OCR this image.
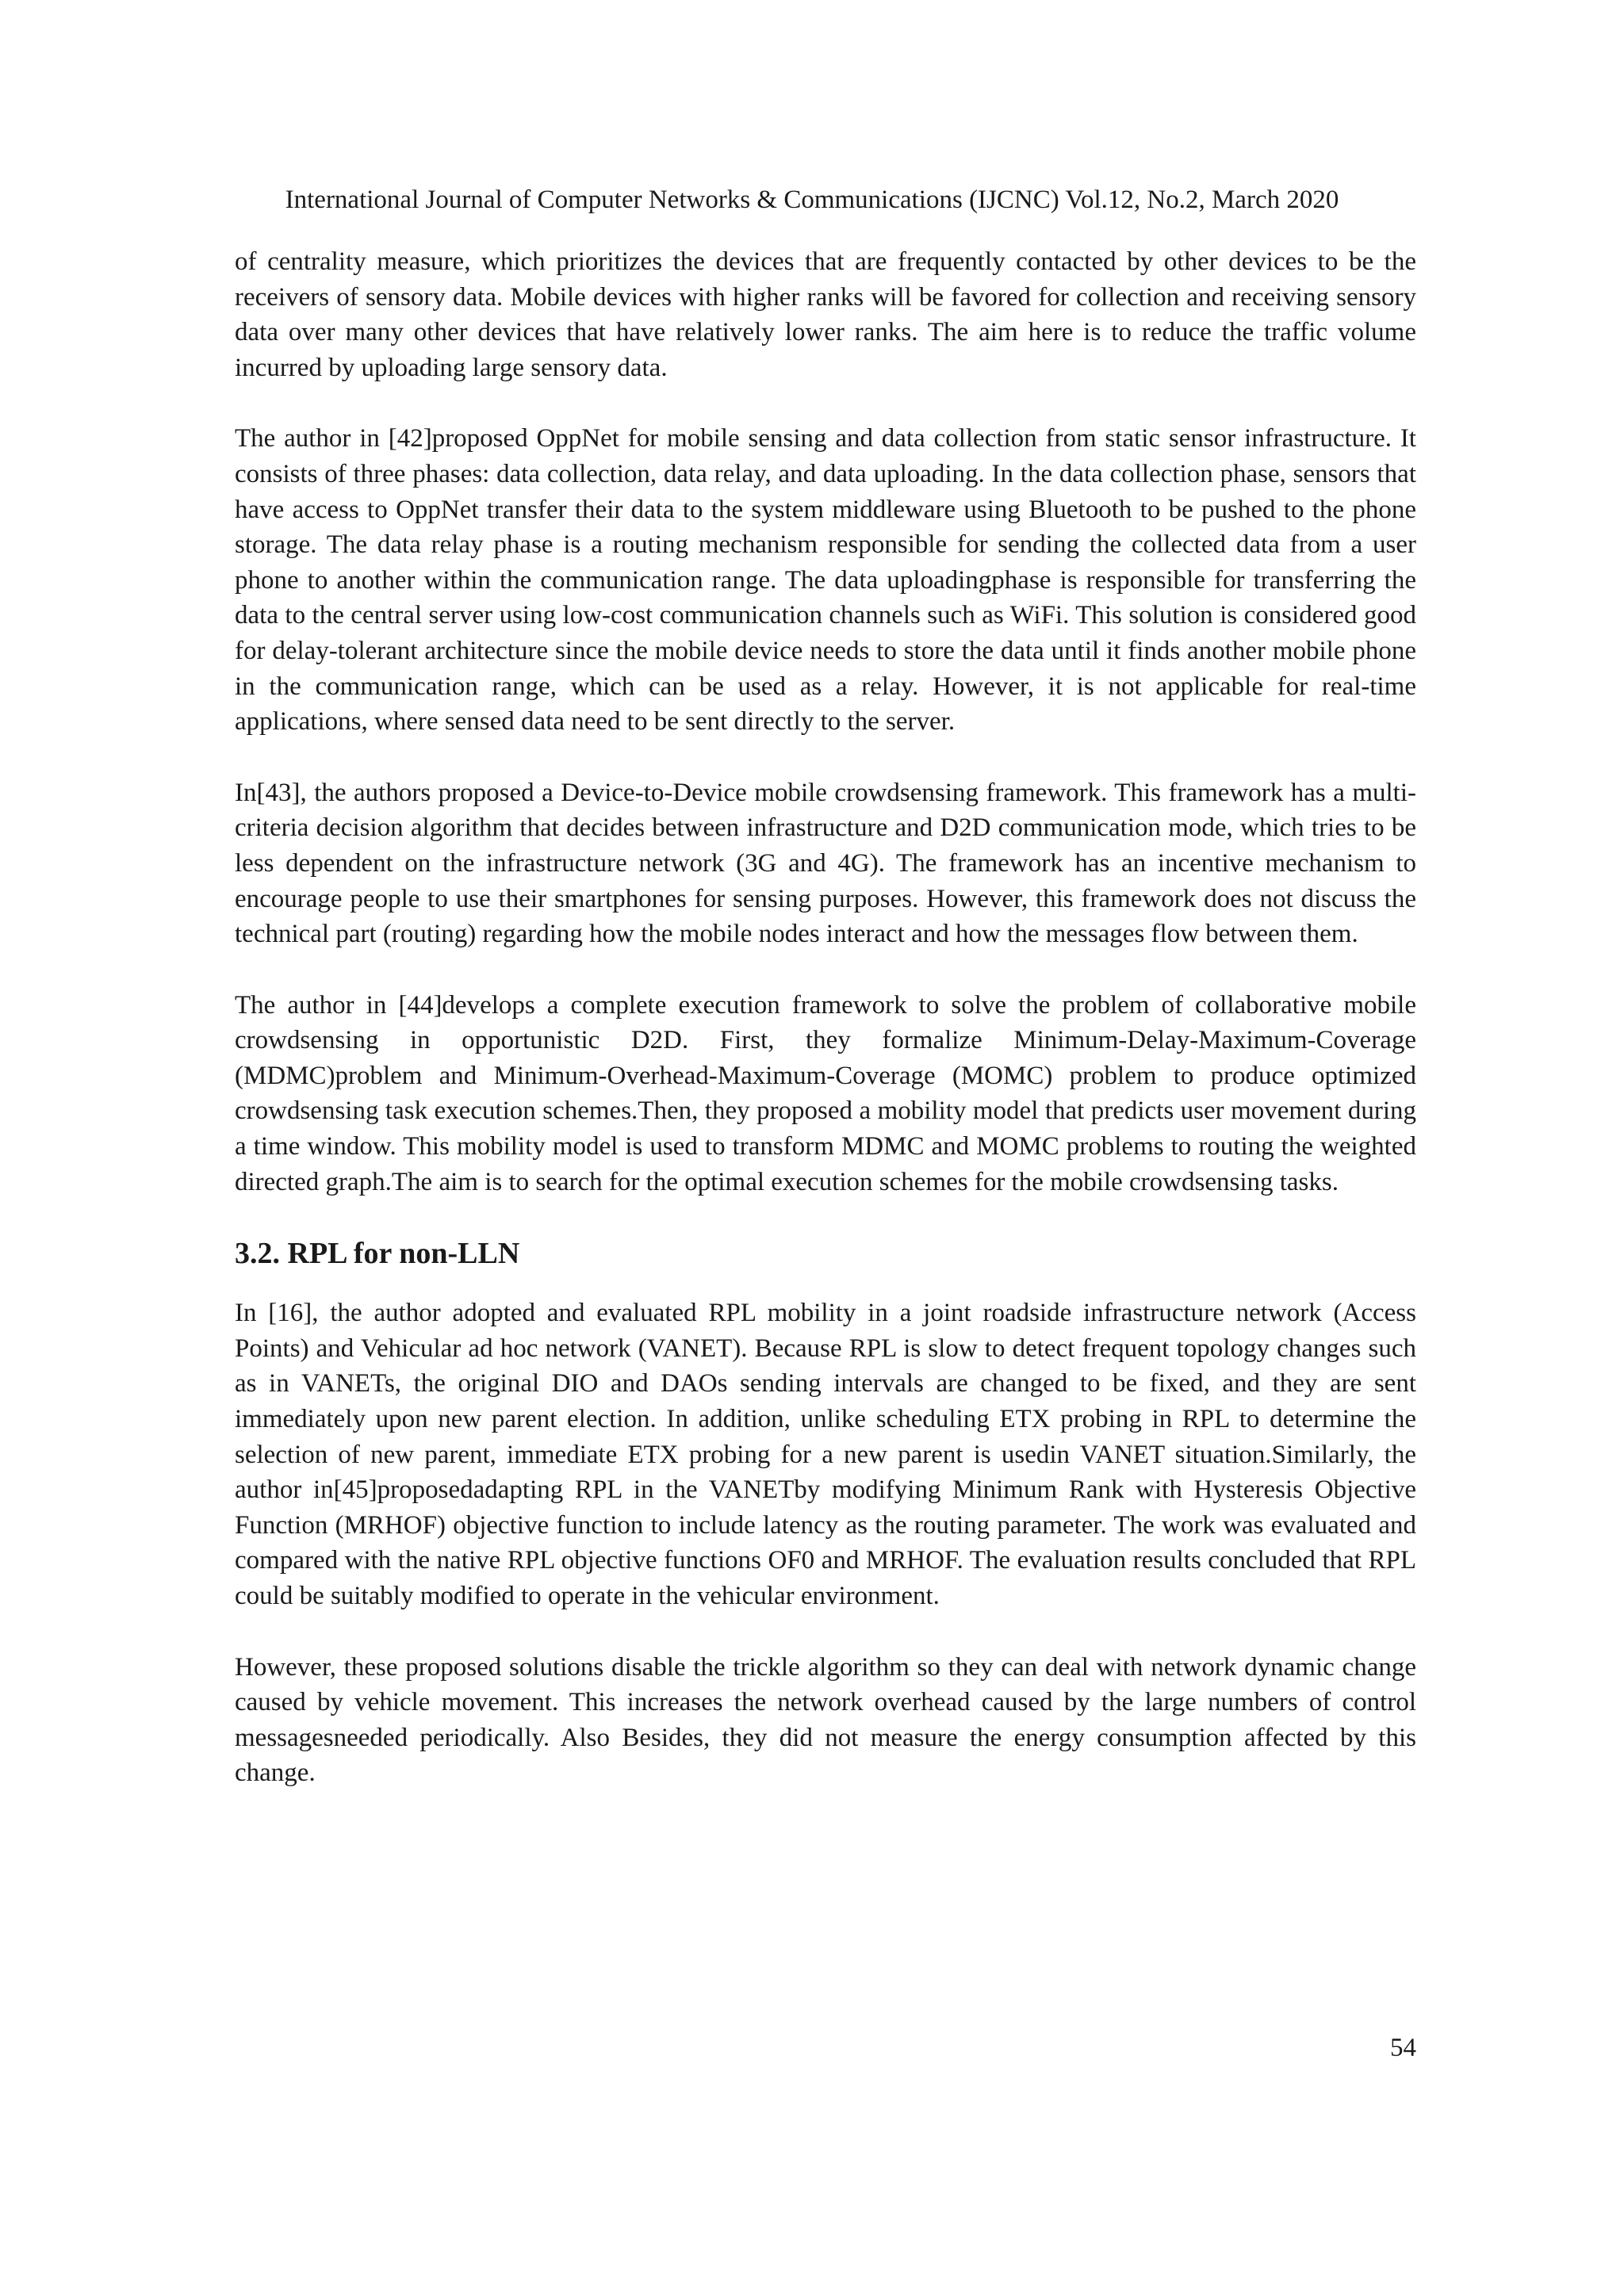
International Journal of Computer Networks & Communications (IJCNC) Vol.12, No.2, March 2020

of centrality measure, which prioritizes the devices that are frequently contacted by other devices to be the receivers of sensory data. Mobile devices with higher ranks will be favored for collection and receiving sensory data over many other devices that have relatively lower ranks. The aim here is to reduce the traffic volume incurred by uploading large sensory data.

The author in [42]proposed OppNet for mobile sensing and data collection from static sensor infrastructure. It consists of three phases: data collection, data relay, and data uploading. In the data collection phase, sensors that have access to OppNet transfer their data to the system middleware using Bluetooth to be pushed to the phone storage. The data relay phase is a routing mechanism responsible for sending the collected data from a user phone to another within the communication range. The data uploadingphase is responsible for transferring the data to the central server using low-cost communication channels such as WiFi. This solution is considered good for delay-tolerant architecture since the mobile device needs to store the data until it finds another mobile phone in the communication range, which can be used as a relay. However, it is not applicable for real-time applications, where sensed data need to be sent directly to the server.

In[43], the authors proposed a Device-to-Device mobile crowdsensing framework. This framework has a multi-criteria decision algorithm that decides between infrastructure and D2D communication mode, which tries to be less dependent on the infrastructure network (3G and 4G). The framework has an incentive mechanism to encourage people to use their smartphones for sensing purposes. However, this framework does not discuss the technical part (routing) regarding how the mobile nodes interact and how the messages flow between them.

The author in [44]develops a complete execution framework to solve the problem of collaborative mobile crowdsensing in opportunistic D2D. First, they formalize Minimum-Delay-Maximum-Coverage (MDMC)problem and Minimum-Overhead-Maximum-Coverage (MOMC) problem to produce optimized crowdsensing task execution schemes.Then, they proposed a mobility model that predicts user movement during a time window. This mobility model is used to transform MDMC and MOMC problems to routing the weighted directed graph.The aim is to search for the optimal execution schemes for the mobile crowdsensing tasks.

3.2. RPL for non-LLN

In [16], the author adopted and evaluated RPL mobility in a joint roadside infrastructure network (Access Points) and Vehicular ad hoc network (VANET). Because RPL is slow to detect frequent topology changes such as in VANETs, the original DIO and DAOs sending intervals are changed to be fixed, and they are sent immediately upon new parent election. In addition, unlike scheduling ETX probing in RPL to determine the selection of new parent, immediate ETX probing for a new parent is usedin VANET situation.Similarly, the author in[45]proposedadapting RPL in the VANETby modifying Minimum Rank with Hysteresis Objective Function (MRHOF) objective function to include latency as the routing parameter. The work was evaluated and compared with the native RPL objective functions OF0 and MRHOF. The evaluation results concluded that RPL could be suitably modified to operate in the vehicular environment.

However, these proposed solutions disable the trickle algorithm so they can deal with network dynamic change caused by vehicle movement. This increases the network overhead caused by the large numbers of control messagesneeded periodically. Also Besides, they did not measure the energy consumption affected by this change.

54
